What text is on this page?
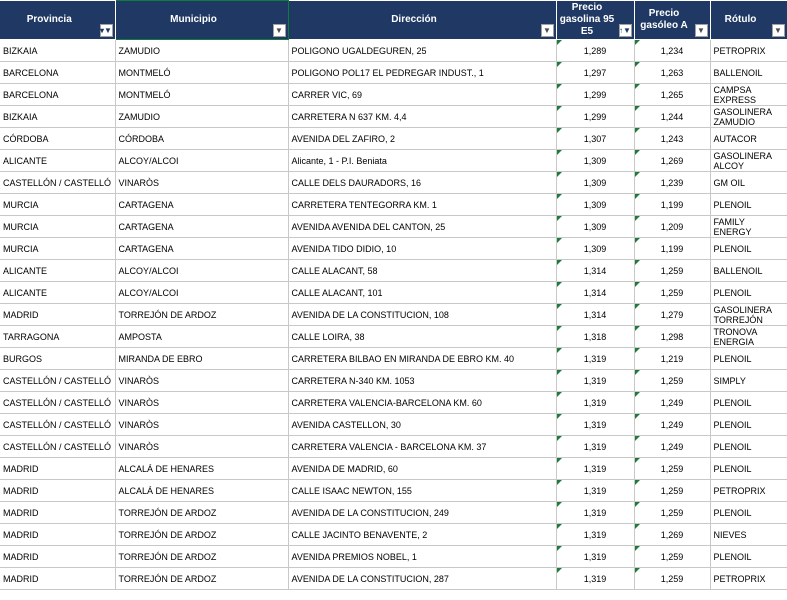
Provincia
▾▼	Municipio
▼	Dirección
▼	Precio gasolina 95 E5 ↑▼	Precio gasóleo A ▼	Rótulo
▼

BIZKAIA	ZAMUDIO	POLIGONO UGALDEGUREN, 25	1,289	1,234	PETROPRIX
BARCELONA	MONTMELÓ	POLIGONO POL17 EL PEDREGAR INDUST., 1	1,297	1,263	BALLENOIL
BARCELONA	MONTMELÓ	CARRER VIC, 69	1,299	1,265	CAMPSA EXPRESS
BIZKAIA	ZAMUDIO	CARRETERA N 637 KM. 4,4	1,299	1,244	GASOLINERA ZAMUDIO
CÓRDOBA	CÓRDOBA	AVENIDA DEL ZAFIRO, 2	1,307	1,243	AUTACOR
ALICANTE	ALCOY/ALCOI	Alicante, 1 - P.I. Beniata	1,309	1,269	GASOLINERA ALCOY
CASTELLÓN / CASTELLÓ	VINARÒS	CALLE DELS DAURADORS, 16	1,309	1,239	GM OIL
MURCIA	CARTAGENA	CARRETERA TENTEGORRA KM. 1	1,309	1,199	PLENOIL
MURCIA	CARTAGENA	AVENIDA AVENIDA DEL CANTON, 25	1,309	1,209	FAMILY ENERGY
MURCIA	CARTAGENA	AVENIDA TIDO DIDIO, 10	1,309	1,199	PLENOIL
ALICANTE	ALCOY/ALCOI	CALLE ALACANT, 58	1,314	1,259	BALLENOIL
ALICANTE	ALCOY/ALCOI	CALLE ALACANT, 101	1,314	1,259	PLENOIL
MADRID	TORREJÓN DE ARDOZ	AVENIDA DE LA CONSTITUCION, 108	1,314	1,279	GASOLINERA TORREJÓN
TARRAGONA	AMPOSTA	CALLE LOIRA, 38	1,318	1,298	TRONOVA ENERGIA
BURGOS	MIRANDA DE EBRO	CARRETERA BILBAO EN MIRANDA DE EBRO KM. 40	1,319	1,219	PLENOIL
CASTELLÓN / CASTELLÓ	VINARÒS	CARRETERA N-340 KM. 1053	1,319	1,259	SIMPLY
CASTELLÓN / CASTELLÓ	VINARÒS	CARRETERA VALENCIA-BARCELONA KM. 60	1,319	1,249	PLENOIL
CASTELLÓN / CASTELLÓ	VINARÒS	AVENIDA CASTELLON, 30	1,319	1,249	PLENOIL
CASTELLÓN / CASTELLÓ	VINARÒS	CARRETERA VALENCIA - BARCELONA KM. 37	1,319	1,249	PLENOIL
MADRID	ALCALÁ DE HENARES	AVENIDA DE MADRID, 60	1,319	1,259	PLENOIL
MADRID	ALCALÁ DE HENARES	CALLE ISAAC NEWTON, 155	1,319	1,259	PETROPRIX
MADRID	TORREJÓN DE ARDOZ	AVENIDA DE LA CONSTITUCION, 249	1,319	1,259	PLENOIL
MADRID	TORREJÓN DE ARDOZ	CALLE JACINTO BENAVENTE, 2	1,319	1,269	NIEVES
MADRID	TORREJÓN DE ARDOZ	AVENIDA PREMIOS NOBEL, 1	1,319	1,259	PLENOIL
MADRID	TORREJÓN DE ARDOZ	AVENIDA DE LA CONSTITUCION, 287	1,319	1,259	PETROPRIX
